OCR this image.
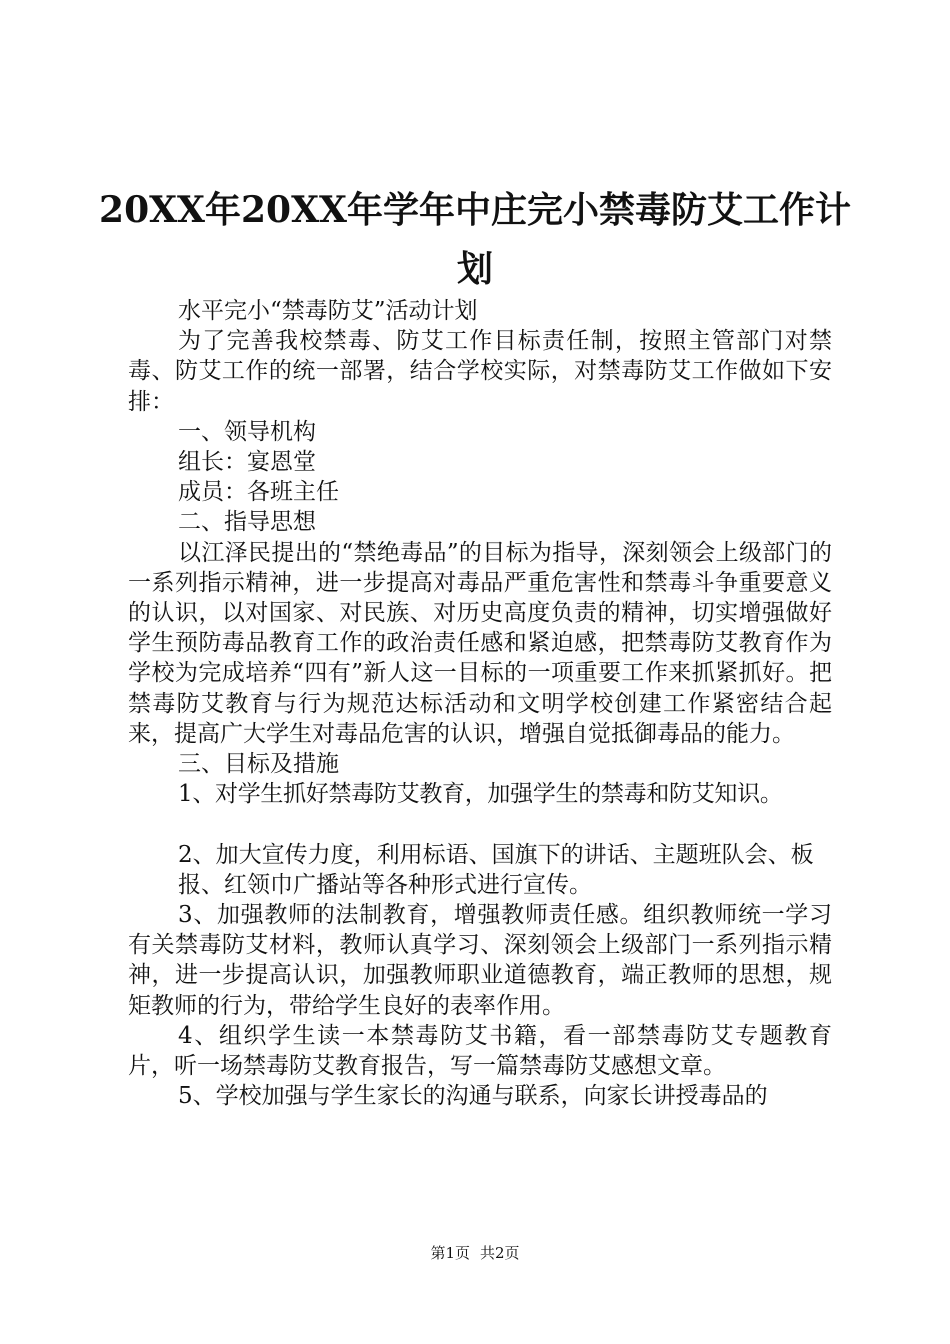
20XX年20XX年学年中庄完小禁毒防艾工作计
划

水平完小“禁毒防艾”活动计划

为了完善我校禁毒、防艾工作目标责任制，按照主管部门对禁毒、防艾工作的统一部署，结合学校实际，对禁毒防艾工作做如下安排：

一、领导机构

组长：宴恩堂

成员：各班主任

二、指导思想

以江泽民提出的“禁绝毒品”的目标为指导，深刻领会上级部门的一系列指示精神，进一步提高对毒品严重危害性和禁毒斗争重要意义的认识，以对国家、对民族、对历史高度负责的精神，切实增强做好学生预防毒品教育工作的政治责任感和紧迫感，把禁毒防艾教育作为学校为完成培养“四有”新人这一目标的一项重要工作来抓紧抓好。把禁毒防艾教育与行为规范达标活动和文明学校创建工作紧密结合起来，提高广大学生对毒品危害的认识，增强自觉抵御毒品的能力。

三、目标及措施

1、对学生抓好禁毒防艾教育，加强学生的禁毒和防艾知识。

2、加大宣传力度，利用标语、国旗下的讲话、主题班队会、板

报、红领巾广播站等各种形式进行宣传。

3、加强教师的法制教育，增强教师责任感。组织教师统一学习有关禁毒防艾材料，教师认真学习、深刻领会上级部门一系列指示精神，进一步提高认识，加强教师职业道德教育，端正教师的思想，规矩教师的行为，带给学生良好的表率作用。

4、组织学生读一本禁毒防艾书籍，看一部禁毒防艾专题教育片，听一场禁毒防艾教育报告，写一篇禁毒防艾感想文章。

5、学校加强与学生家长的沟通与联系，向家长讲授毒品的

第1页 共2页
